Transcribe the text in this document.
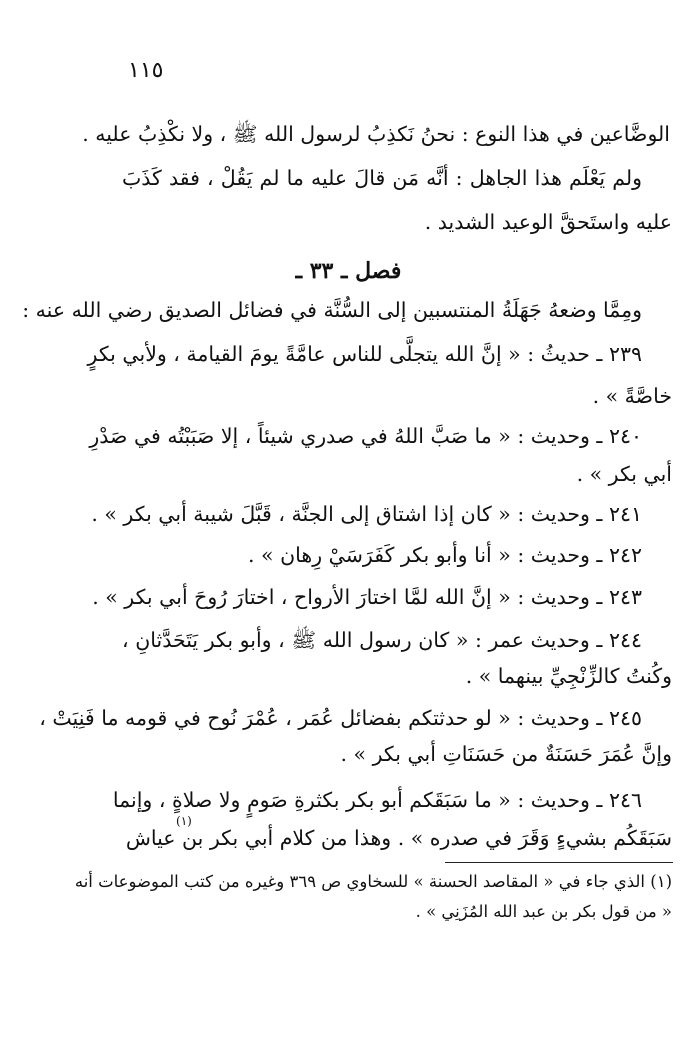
١١٥
الوضَّاعين في هذا النوع : نحنُ نَكذِبُ لرسول الله ﷺ ، ولا نكْذِبُ عليه .
ولم يَعْلَم هذا الجاهل : أنَّه مَن قالَ عليه ما لم يَقُلْ ، فقد كَذَبَ
عليه واستَحقَّ الوعيد الشديد .
فصل ـ ٣٣ ـ
ومِمَّا وضعهُ جَهَلَةُ المنتسبين إلى السُّنَّة في فضائل الصديق رضي الله عنه :
٢٣٩ ـ حديثُ : « إنَّ الله يتجلَّى للناس عامَّةً يومَ القيامة ، ولأبي بكرٍ
خاصَّةً » .
٢٤٠ ـ وحديث : « ما صَبَّ اللهُ في صدري شيئاً ، إلا صَبَبْتُه في صَدْرِ
أبي بكر » .
٢٤١ ـ وحديث : « كان إذا اشتاق إلى الجنَّة ، قَبَّلَ شيبة أبي بكر » .
٢٤٢ ـ وحديث : « أنا وأبو بكر كَفَرَسَيْ رِهان » .
٢٤٣ ـ وحديث : « إنَّ الله لمَّا اختارَ الأرواح ، اختارَ رُوحَ أبي بكر » .
٢٤٤ ـ وحديث عمر : « كان رسول الله ﷺ ، وأبو بكر يَتَحَدَّثانِ ،
وكُنتُ كالزِّنْجِيِّ بينهما » .
٢٤٥ ـ وحديث : « لو حدثتكم بفضائل عُمَر ، عُمْرَ نُوح في قومه ما فَنِيَتْ ،
وإنَّ عُمَرَ حَسَنَةٌ من حَسَنَاتِ أبي بكر » .
٢٤٦ ـ وحديث : « ما سَبَقَكم أبو بكر بكثرةِ صَومٍ ولا صلاةٍ ، وإنما
سَبَقَكُم بشيءٍ وَقَرَ في صدره » . وهذا من كلام أبي بكر بن عياش
(١)
(١) الذي جاء في « المقاصد الحسنة » للسخاوي ص ٣٦٩ وغيره من كتب الموضوعات أنه
« من قول بكر بن عبد الله المُزَنِي » .
